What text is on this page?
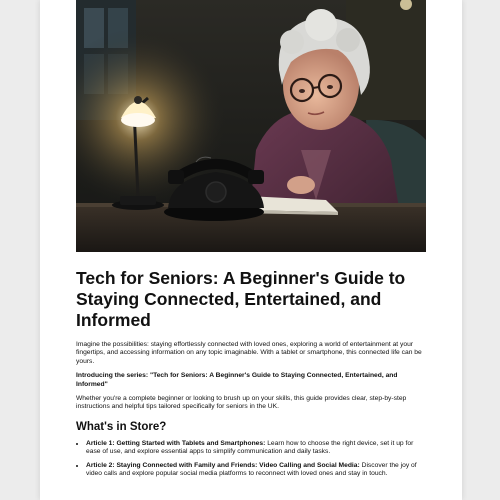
Tech for Seniors: A Beginner's Guide to Staying Connected, Entertained, and Informed

Imagine the possibilities: staying effortlessly connected with loved ones, exploring a world of entertainment at your fingertips, and accessing information on any topic imaginable. With a tablet or smartphone, this connected life can be yours.

Introducing the series: "Tech for Seniors: A Beginner's Guide to Staying Connected, Entertained, and Informed"

Whether you're a complete beginner or looking to brush up on your skills, this guide provides clear, step-by-step instructions and helpful tips tailored specifically for seniors in the UK.

What's in Store?
• Article 1: Getting Started with Tablets and Smartphones: Learn how to choose the right device, set it up for ease of use, and explore essential apps to simplify communication and daily tasks.
• Article 2: Staying Connected with Family and Friends: Video Calling and Social Media: Discover the joy of video calls and explore popular social media platforms to reconnect with loved ones and stay in touch.
